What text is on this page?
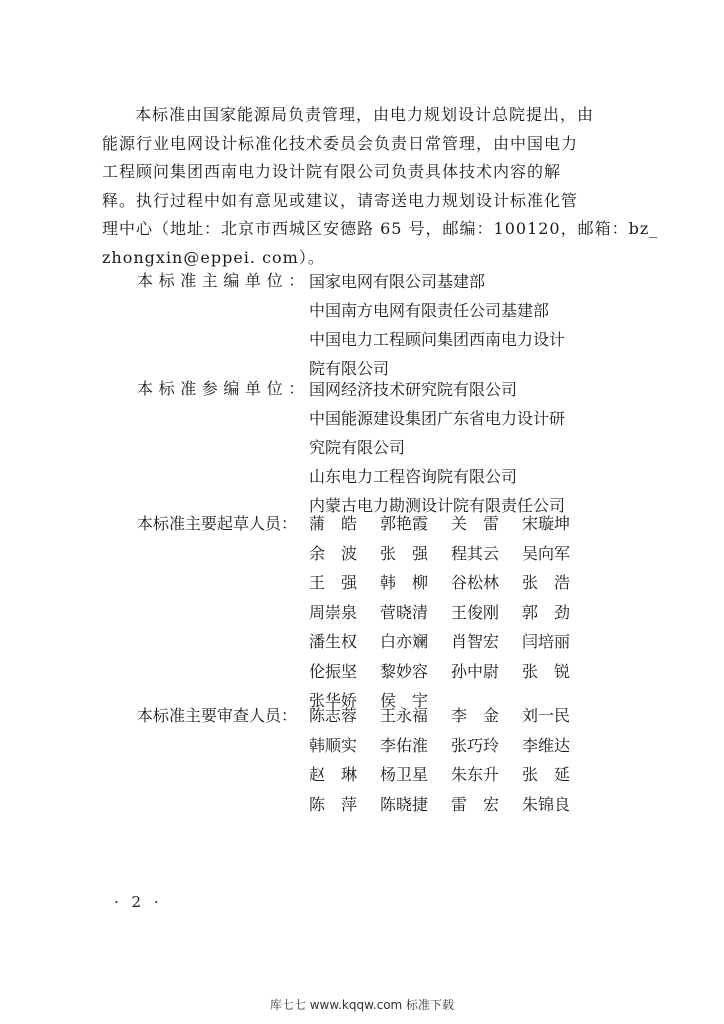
本标准由国家能源局负责管理，由电力规划设计总院提出，由
能源行业电网设计标准化技术委员会负责日常管理，由中国电力
工程顾问集团西南电力设计院有限公司负责具体技术内容的解
释。执行过程中如有意见或建议，请寄送电力规划设计标准化管
理中心（地址：北京市西城区安德路 65 号，邮编：100120，邮箱：bz_
zhongxin@eppei. com）。
本标准主编单位： 国家电网有限公司基建部
中国南方电网有限责任公司基建部
中国电力工程顾问集团西南电力设计
院有限公司
本标准参编单位： 国网经济技术研究院有限公司
中国能源建设集团广东省电力设计研
究院有限公司
山东电力工程咨询院有限公司
内蒙古电力勘测设计院有限责任公司
本标准主要起草人员： 蒲　皓	郭艳霞	关　雷	宋璇坤
余　波	张　强	程其云	吴向军
王　强	韩　柳	谷松林	张　浩
周崇泉	菅晓清	王俊刚	郭　劲
潘生权	白亦斓	肖智宏	闫培丽
伦振坚	黎妙容	孙中尉	张　锐
张华娇	侯　宇
本标准主要审查人员： 陈志蓉	王永福	李　金	刘一民
韩顺实	李佑淮	张巧玲	李维达
赵　琳	杨卫星	朱东升	张　延
陈　萍	陈晓捷	雷　宏	朱锦良
· 2 ·
库七七 www.kqqw.com 标准下载
